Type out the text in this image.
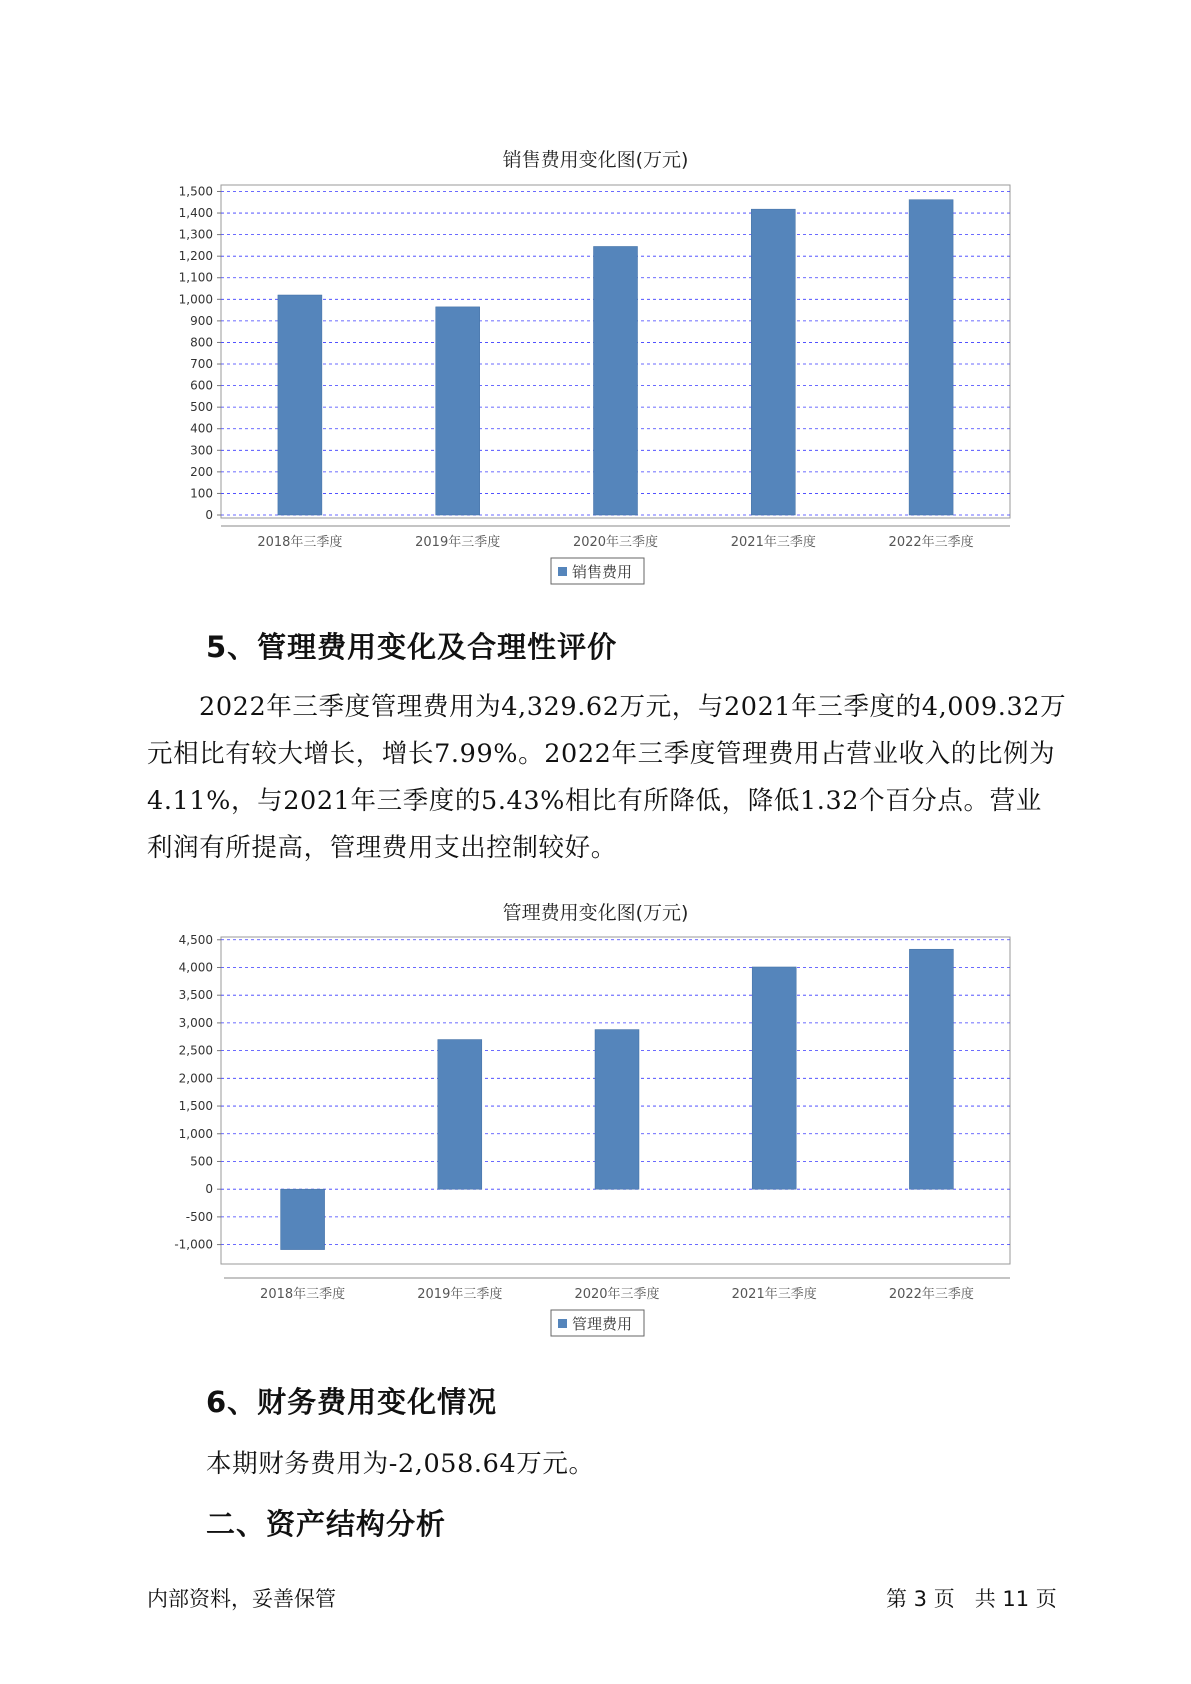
销售费用变化图(万元)
0
100
200
300
400
500
600
700
800
900
1,000
1,100
1,200
1,300
1,400
1,500
2018年三季度	2019年三季度	2020年三季度	2021年三季度	2022年三季度
销售费用
5、管理费用变化及合理性评价

2022年三季度管理费用为4,329.62万元，与2021年三季度的4,009.32万元相比有较大增长，增长7.99%。2022年三季度管理费用占营业收入的比例为4.11%，与2021年三季度的5.43%相比有所降低，降低1.32个百分点。营业利润有所提高，管理费用支出控制较好。

管理费用变化图(万元)
-1,000
-500
0
500
1,000
1,500
2,000
2,500
3,000
3,500
4,000
4,500
2018年三季度	2019年三季度	2020年三季度	2021年三季度	2022年三季度
管理费用
6、财务费用变化情况

本期财务费用为-2,058.64万元。

二、资产结构分析
内部资料，妥善保管	第 3 页   共 11 页
